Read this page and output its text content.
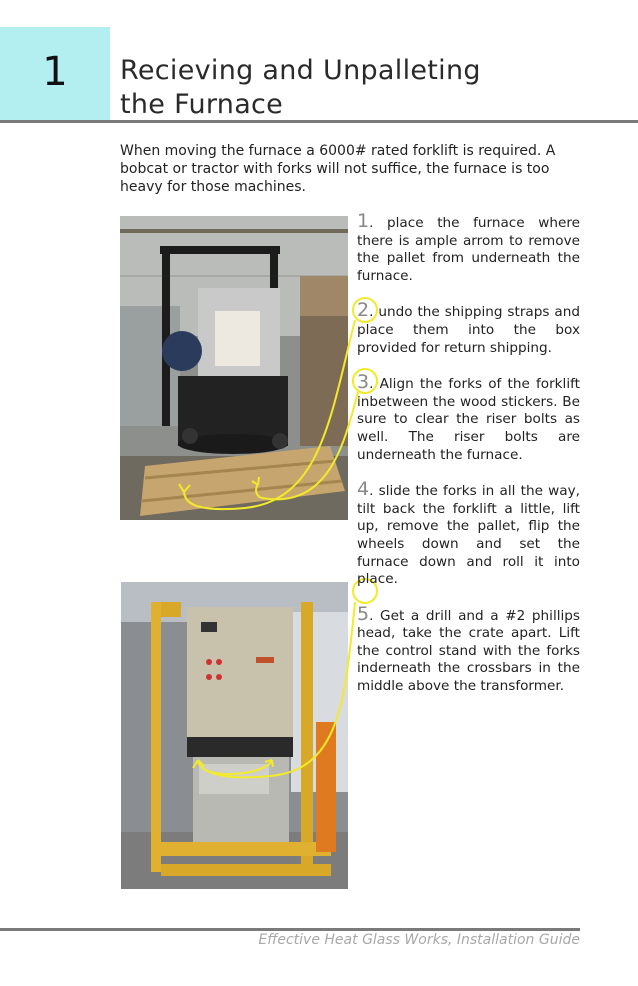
1	Recieving and Unpalleting
the Furnace

When moving the furnace a 6000# rated forklift is required. A bobcat or tractor with forks will not suffice, the furnace is too heavy for those machines.

1. place the furnace where there is ample arrom to remove the pallet from underneath the furnace.

2. undo the shipping straps and place them into the box provided for return shipping.

3. Align the forks of the forklift inbetween the wood stickers. Be sure to clear the riser bolts as well. The riser bolts are underneath the furnace.

4. slide the forks in all the way, tilt back the forklift a little, lift up, remove the pallet, flip the wheels down and set the furnace down and roll it into place.

5. Get a drill and a #2 phillips head, take the crate apart. Lift the control stand with the forks inderneath the crossbars in the middle above the transformer.

Effective Heat Glass Works, Installation Guide
